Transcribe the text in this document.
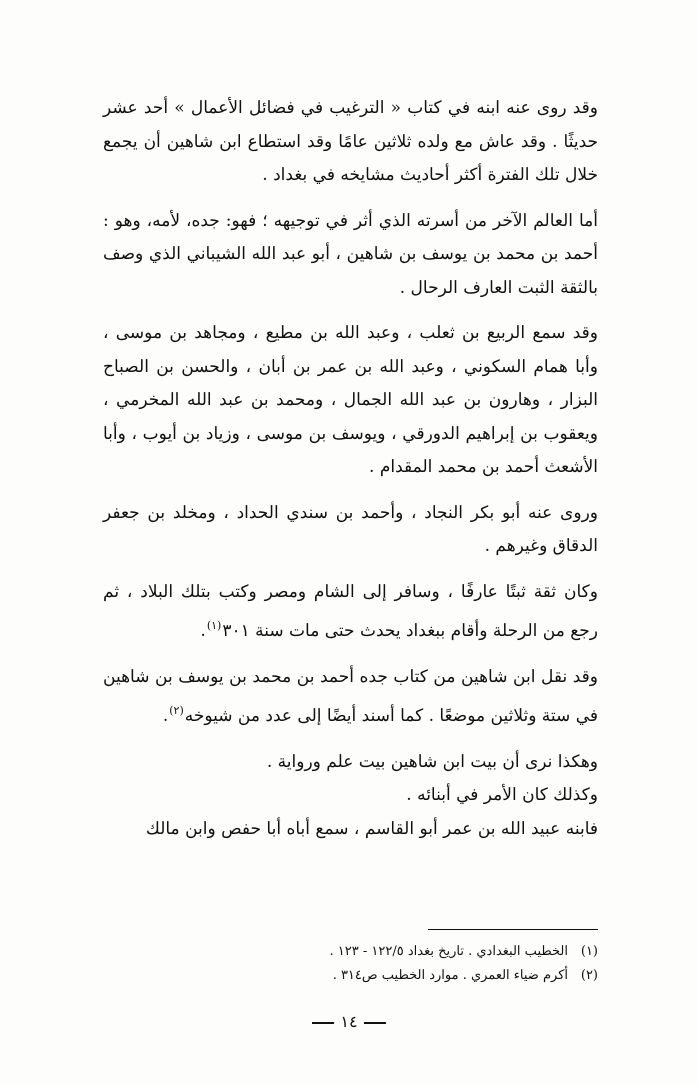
وقد روى عنه ابنه في كتاب « الترغيب في فضائل الأعمال » أحد عشر حديثًا . وقد عاش مع ولده ثلاثين عامًا وقد استطاع ابن شاهين أن يجمع خلال تلك الفترة أكثر أحاديث مشايخه في بغداد .

أما العالم الآخر من أسرته الذي أثر في توجيهه ؛ فهو: جده، لأمه، وهو : أحمد بن محمد بن يوسف بن شاهين ، أبو عبد الله الشيباني الذي وصف بالثقة الثبت العارف الرحال .

وقد سمع الربيع بن ثعلب ، وعبد الله بن مطيع ، ومجاهد بن موسى ، وأبا همام السكوني ، وعبد الله بن عمر بن أبان ، والحسن بن الصباح البزار ، وهارون بن عبد الله الجمال ، ومحمد بن عبد الله المخرمي ، ويعقوب بن إبراهيم الدورقي ، ويوسف بن موسى ، وزياد بن أيوب ، وأبا الأشعث أحمد بن محمد المقدام .

وروى عنه أبو بكر النجاد ، وأحمد بن سندي الحداد ، ومخلد بن جعفر الدقاق وغيرهم .

وكان ثقة ثبتًا عارفًا ، وسافر إلى الشام ومصر وكتب بتلك البلاد ، ثم رجع من الرحلة وأقام ببغداد يحدث حتى مات سنة ٣٠١$^{(١)}$.

وقد نقل ابن شاهين من كتاب جده أحمد بن محمد بن يوسف بن شاهين في ستة وثلاثين موضعًا . كما أسند أيضًا إلى عدد من شيوخه$^{(٢)}$.

وهكذا نرى أن بيت ابن شاهين بيت علم ورواية .

وكذلك كان الأمر في أبنائه .

فابنه عبيد الله بن عمر أبو القاسم ، سمع أباه أبا حفص وابن مالك

(١)الخطيب البغدادي . تاريخ بغداد ١٢٢/٥ - ١٢٣ .
(٢)أكرم ضياء العمري . موارد الخطيب ص٣١٤ .
١٤
